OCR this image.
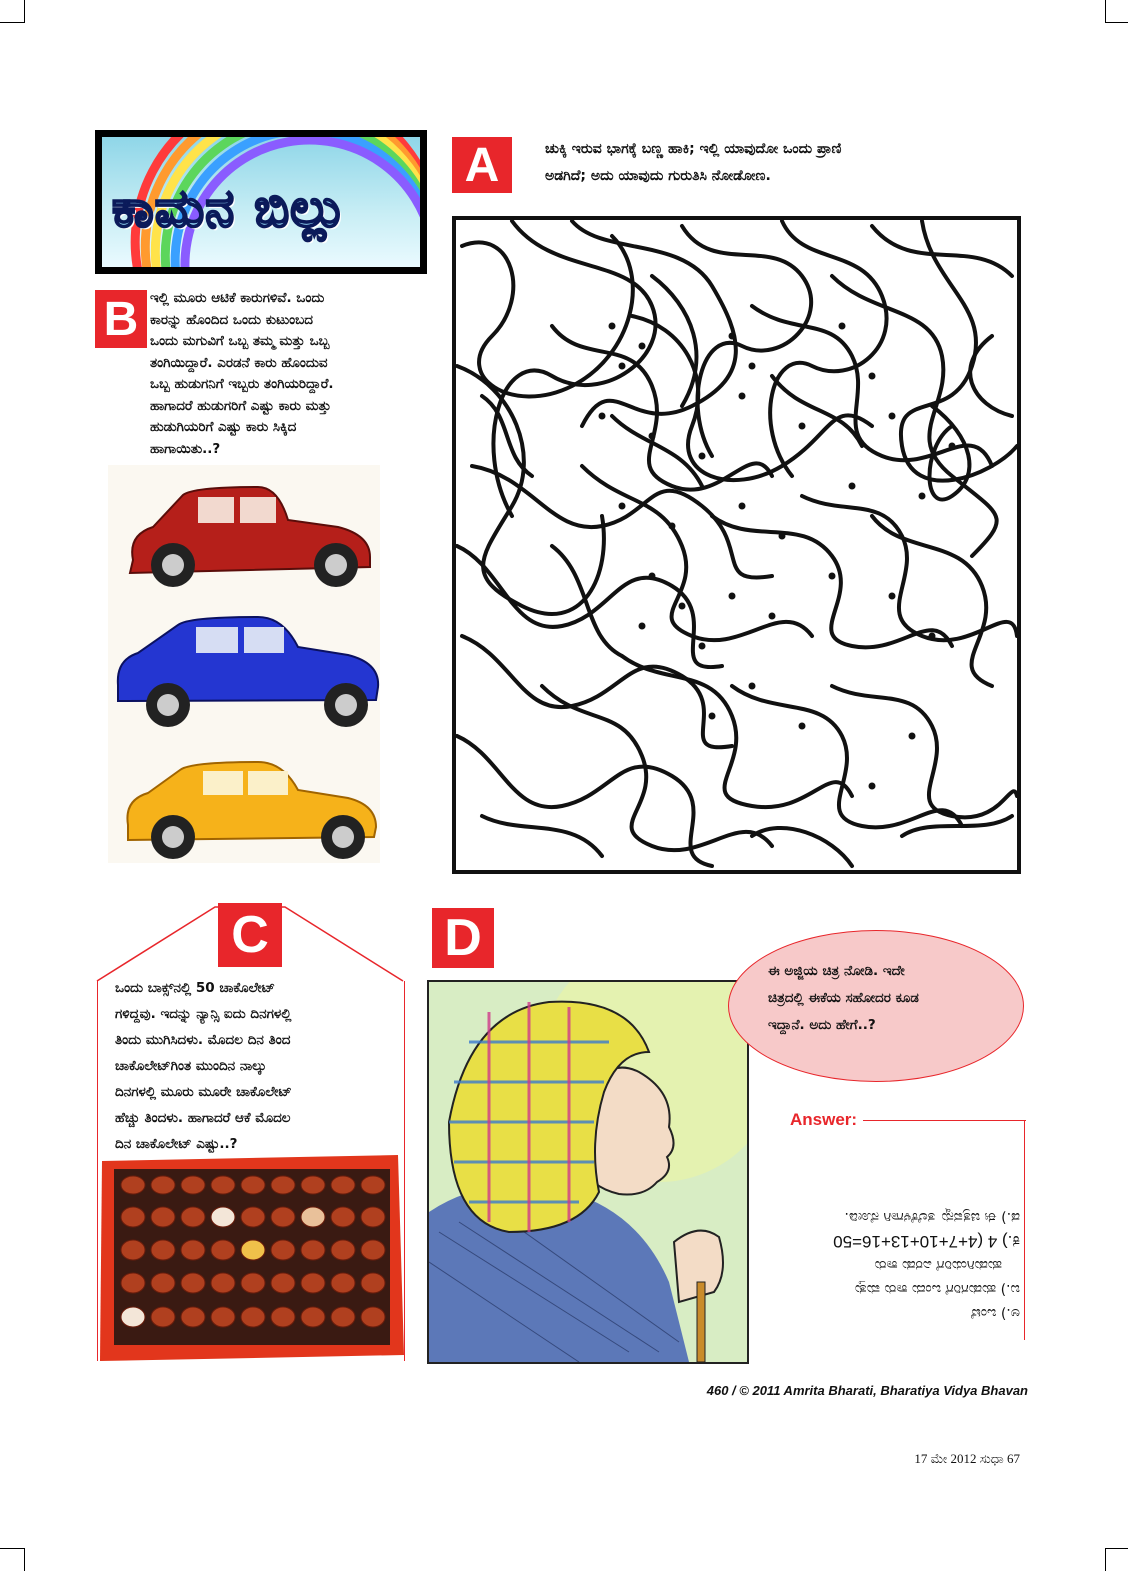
ಕಾಮನ ಬಿಲ್ಲು
A	ಚುಕ್ಕಿ ಇರುವ ಭಾಗಕ್ಕೆ ಬಣ್ಣ ಹಾಕಿ; ಇಲ್ಲಿ ಯಾವುದೋ ಒಂದು ಪ್ರಾಣಿ
ಅಡಗಿದೆ; ಅದು ಯಾವುದು ಗುರುತಿಸಿ ನೋಡೋಣ.
B ಇಲ್ಲಿ ಮೂರು ಆಟಿಕೆ ಕಾರುಗಳಿವೆ. ಒಂದು
ಕಾರನ್ನು ಹೊಂದಿದ ಒಂದು ಕುಟುಂಬದ
ಒಂದು ಮಗುವಿಗೆ ಒಬ್ಬ ತಮ್ಮ ಮತ್ತು ಒಬ್ಬ
ತಂಗಿಯಿದ್ದಾರೆ. ಎರಡನೆ ಕಾರು ಹೊಂದುವ
ಒಬ್ಬ ಹುಡುಗನಿಗೆ ಇಬ್ಬರು ತಂಗಿಯರಿದ್ದಾರೆ.
ಹಾಗಾದರೆ ಹುಡುಗರಿಗೆ ಎಷ್ಟು ಕಾರು ಮತ್ತು
ಹುಡುಗಿಯರಿಗೆ ಎಷ್ಟು ಕಾರು ಸಿಕ್ಕಿದ
ಹಾಗಾಯಿತು..?
C
ಒಂದು ಬಾಕ್ಸ್‌ನಲ್ಲಿ 50 ಚಾಕೊಲೇಟ್
ಗಳಿದ್ದವು. ಇದನ್ನು ನ್ಯಾನ್ಸಿ ಐದು ದಿನಗಳಲ್ಲಿ
ತಿಂದು ಮುಗಿಸಿದಳು. ಮೊದಲ ದಿನ ತಿಂದ
ಚಾಕೊಲೇಟ್‌ಗಿಂತ ಮುಂದಿನ ನಾಲ್ಕು
ದಿನಗಳಲ್ಲಿ ಮೂರು ಮೂರೇ ಚಾಕೊಲೇಟ್
ಹೆಚ್ಚು ತಿಂದಳು. ಹಾಗಾದರೆ ಆಕೆ ಮೊದಲ
ದಿನ ಚಾಕೊಲೇಟ್ ಎಷ್ಟು..?
D
ಈ ಅಜ್ಜಿಯ ಚಿತ್ರ ನೋಡಿ. ಇದೇ
ಚಿತ್ರದಲ್ಲಿ ಈಕೆಯ ಸಹೋದರ ಕೂಡ
ಇದ್ದಾನೆ. ಅದು ಹೇಗೆ..?
Answer:
ಅ.) ಒಂಟೆ
ಬ.) ಹುಡುಗರಿಗೆ ಒಂದು ಕಾರು ಮತ್ತು
ಹುಡುಗಿಯರಿಗೆ ಎರಡು ಕಾರು
ಕ.) 4 (4+7+10+13+16=50
ಡ.) ಈ ಚಿತ್ರವನ್ನು ತಲೆಕೆಳಗಾಗಿ ನೋಡಿ.
460 / © 2011 Amrita Bharati, Bharatiya Vidya Bhavan
17 ಮೇ 2012 ಸುಧಾ 67
